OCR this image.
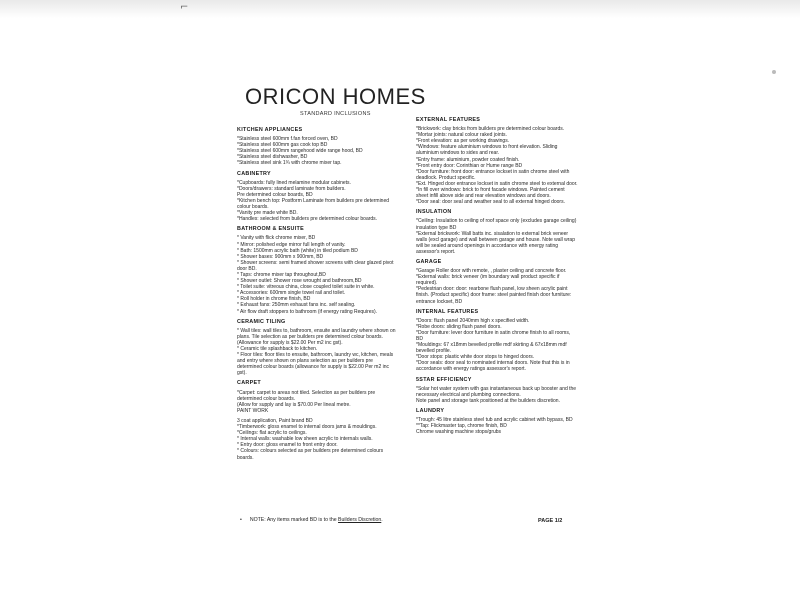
⌐
ORICON HOMES
STANDARD INCLUSIONS
KITCHEN APPLIANCES
*Stainless steel 600mm f.fan forced oven, BD
*Stainless steel 600mm gas cook top BD
*Stainless steel 600mm rangehood wide range hood, BD
*Stainless steel dishwasher, BD
*Stainless steel sink 1¾ with chrome mixer tap.
CABINETRY
*Cupboards: fully lined melamine modular cabinets.
*Doors/drawers: standard laminate from builders.
Pre determined colour boards, BD
*Kitchen bench top: Postform Laminate from builders pre determined colour boards.
*Vanity pre made white BD.
*Handles: selected from builders pre determined colour boards.
BATHROOM & ENSUITE
* Vanity with flick chrome mixer, BD
* Mirror: polished edge mirror full length of vanity.
* Bath: 1500mm acrylic bath (white) in tiled podium BD
* Shower bases: 900mm x 900mm, BD
* Shower screens: semi framed shower screens with clear glazed pivot door BD.
* Taps: chrome mixer tap throughout,BD
* Shower outlet: Shower rose wrought and bathroom,BD
* Toilet suite: vitreous china, close coupled toilet suite in white.
* Accessories: 600mm single towel rail and toilet.
* Roll holder in chrome finish, BD
* Exhaust fans: 250mm exhaust fans inc. self sealing.
* Air flow draft stoppers to bathroom (if energy rating Requires).
CERAMIC TILING
* Wall tiles: wall tiles to, bathroom, ensuite and laundry where shown on plans. Tile selection as per builders pre determined colour boards.
(Allowance for supply is $22.00 Per m2 inc gst).
* Ceramic tile splashback to kitchen.
* Floor tiles: floor tiles to ensuite, bathroom, laundry wc, kitchen, meals and entry where shown on plans selection as per builders pre determined colour boards (allowance for supply is $22.00 Per m2 inc gst).
CARPET
*Carpet: carpet to areas not tiled. Selection as per builders pre determined colour boards.
(Allow for supply and lay is $70.00 Per lineal metre.
PAINT WORK
3 coat application, Paint brand BD
*Timberwork: gloss enamel to internal doors jams & mouldings.
*Ceilings: flat acrylic to ceilings.
* Internal walls: washable low sheen acrylic to internals walls.
* Entry door: gloss enamel to front entry door.
* Colours: colours selected as per builders pre determined colours boards.
EXTERNAL FEATURES
*Brickwork: clay bricks from builders pre determined colour boards.
*Mortar joints: natural colour raked joints.
*Front elevation: as per working drawings.
*Windows: feature aluminium windows to front elevation. Sliding aluminium windows to sides and rear.
*Entry frame: aluminium, powder coated finish.
*Front entry door: Corinthian or Hume range BD
*Door furniture: front door: entrance lockset in satin chrome steel with deadlock. Product specific.
*Ext. Hinged door entrance lockset in satin chrome steel to external door.
*In fill over windows: brick to front facade windows. Painted cement sheet infill above side and rear elevation windows and doors.
*Door seal: door seal and weather seal to all external hinged doors.
INSULATION
*Ceiling: Insulation to ceiling of roof space only (excludes garage ceiling) insulation type BD
*External brickwork: Wall batts inc. sisalation to external brick veneer walls (excl garage) and wall between garage and house. Note wall wrap will be sealed around openings in accordance with energy rating assessor's report.
GARAGE
*Garage Roller door with remote, , plaster ceiling and concrete floor.
*External walls: brick veneer (im boundary wall product specific if required).
*Pedestrian door: door: rearbone flush panel, low sheen acrylic paint finish. (Product specific) door frame: steel painted finish door furniture: entrance lockset, BD
INTERNAL FEATURES
*Doors: flush panel 2040mm high x specified width.
*Robe doors: sliding flush panel doors.
*Door furniture: lever door furniture in satin chrome finish to all rooms, BD
*Mouldings: 67 x18mm bevelled profile mdf skirting & 67x18mm mdf bevelled profile.
*Door stops: plastic white door stops to hinged doors.
*Door seals: door seal to nominated internal doors. Note that this is in accordance with energy ratings assessor's report.
5STAR EFFICIENCY
*Solar hot water system with gas instantaneous back up booster and the necessary electrical and plumbing connections.
Note panel and storage tank positioned at the builders discretion.
LAUNDRY
*Trough: 45 litre stainless steel tub and acrylic cabinet with bypass, BD
**Tap: Flickmaster tap, chrome finish, BD
Chrome washing machine stops/grubs
• NOTE: Any items marked BD is to the Builders Discretion.	PAGE 1/2
